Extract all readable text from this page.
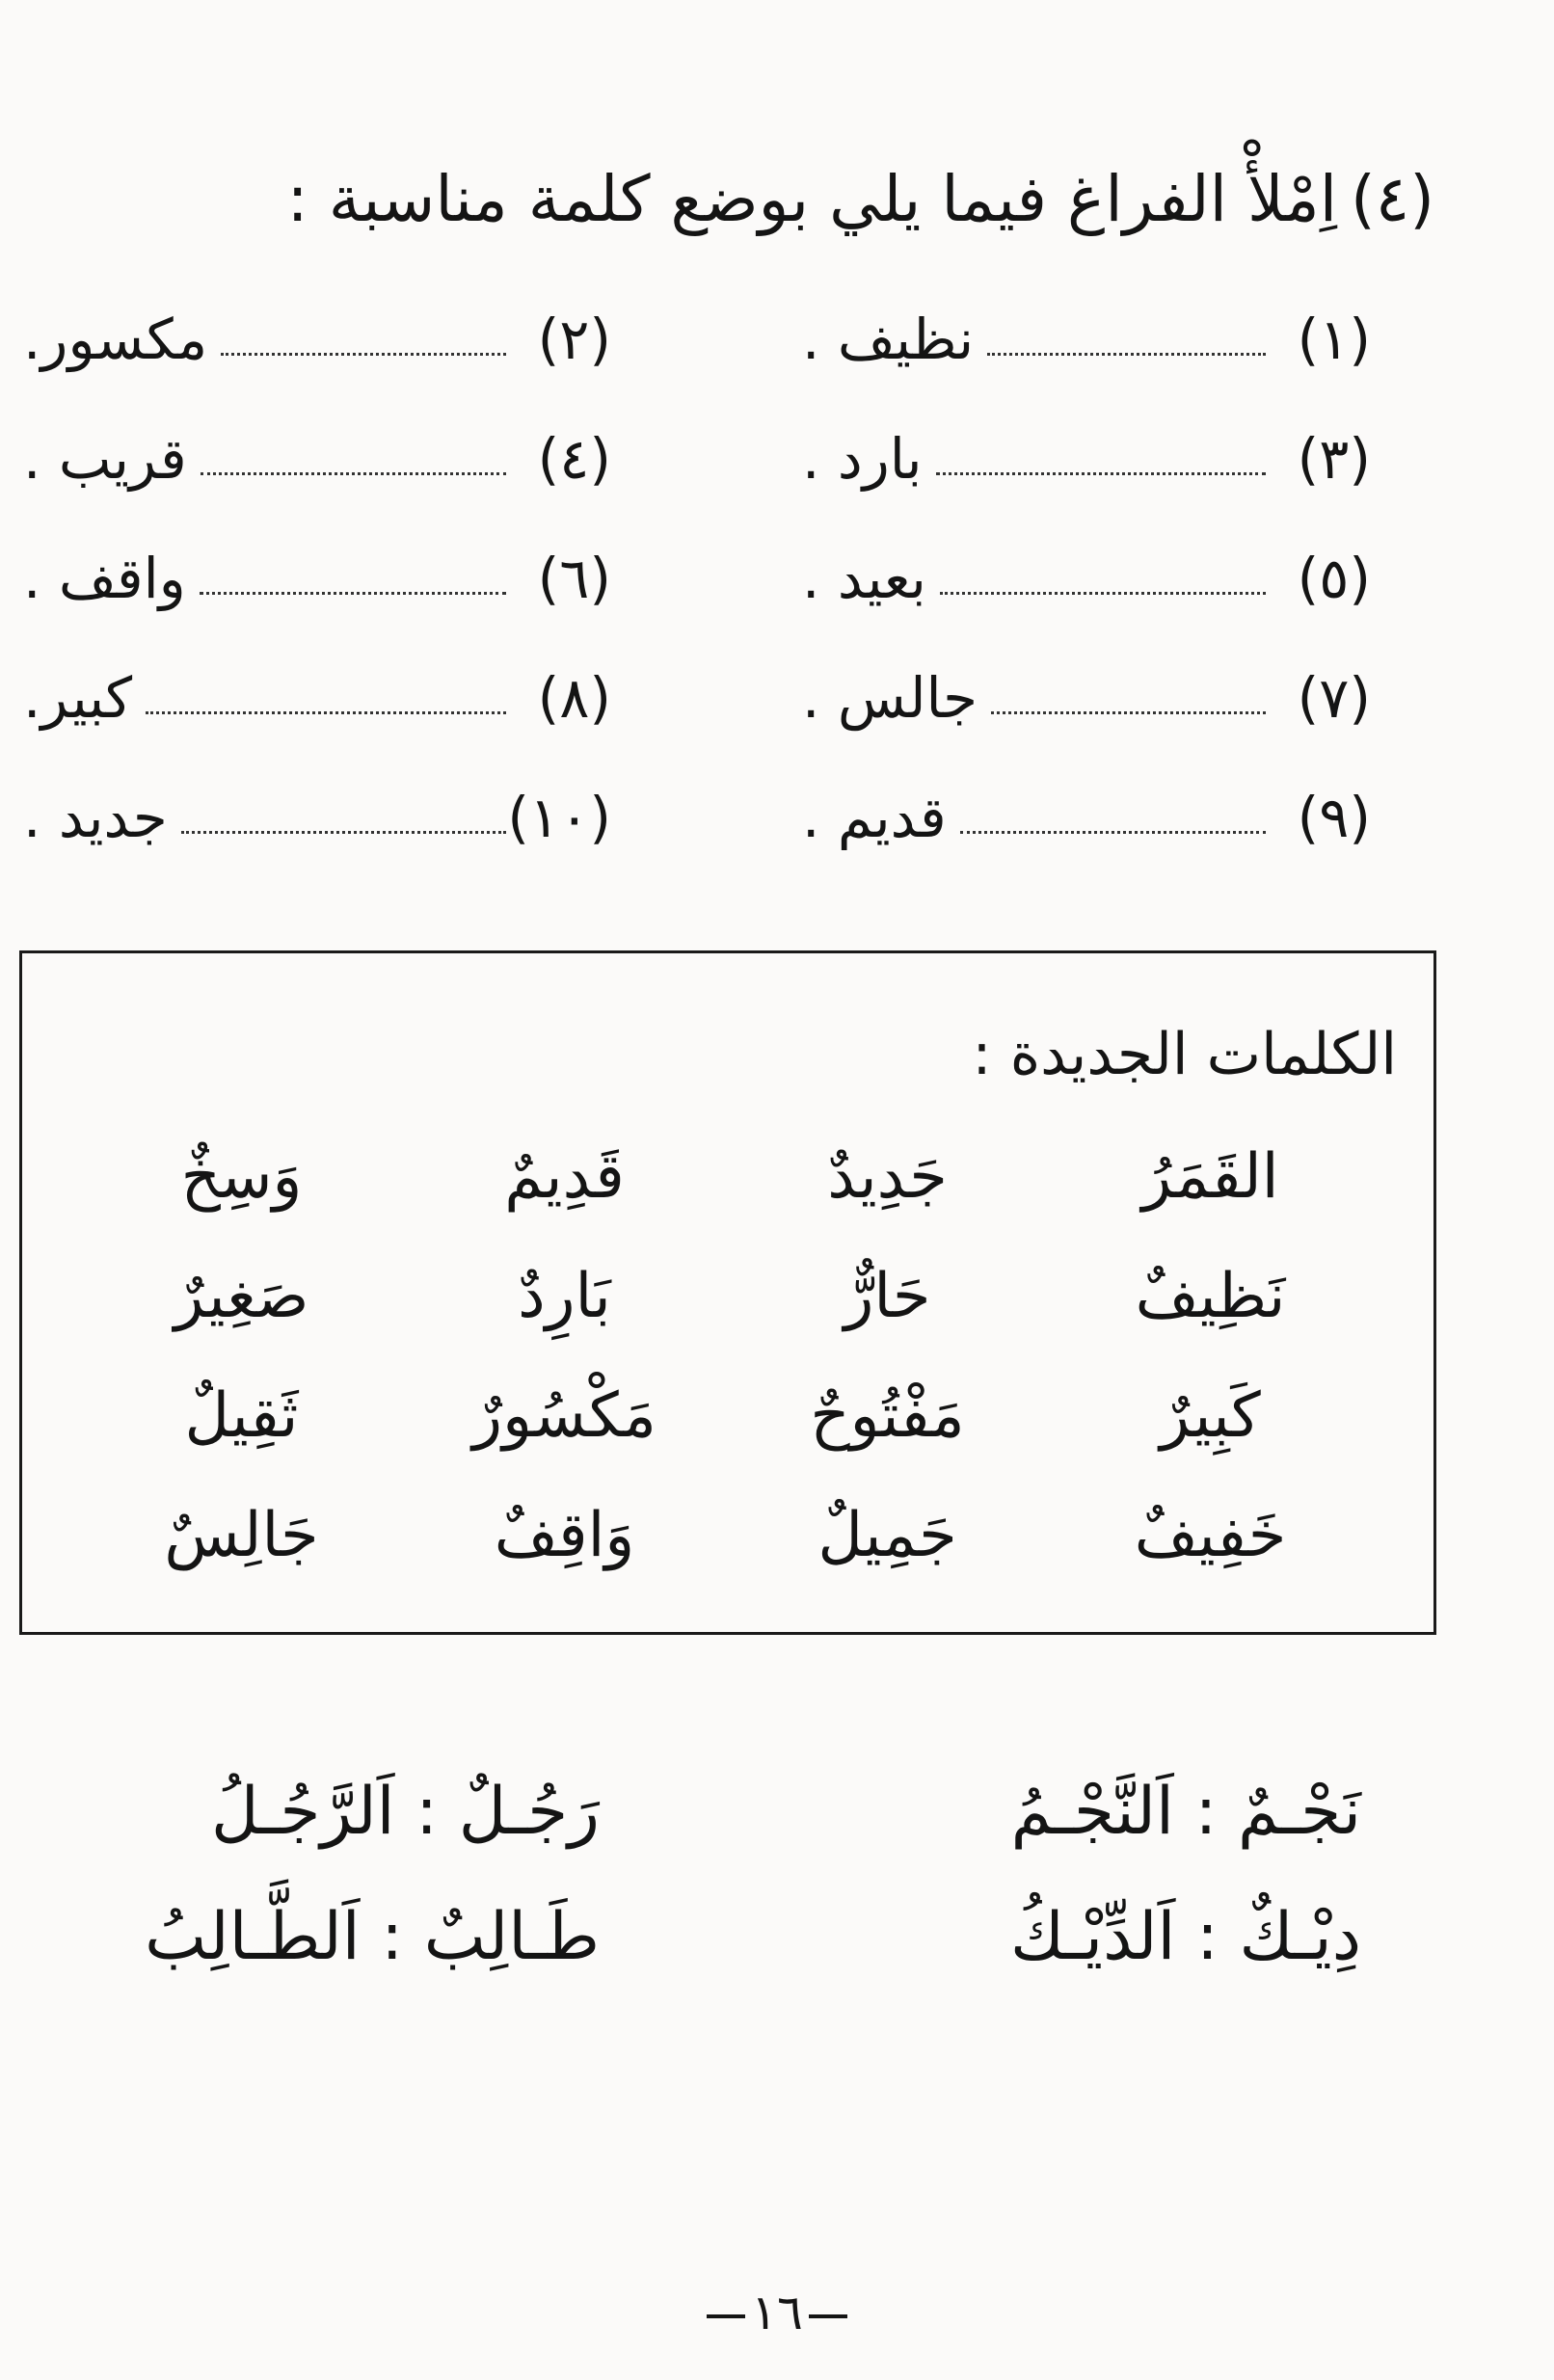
(٤)اِمْلأْ الفراغ فيما يلي بوضع كلمة مناسبة :
(١)
نظيف .
(٢)
مكسور.
(٣)
بارد .
(٤)
قريب .
(٥)
بعيد .
(٦)
واقف .
(٧)
جالس .
(٨)
كبير.
(٩)
قديم .
(١٠)
جديد .
الكلمات الجديدة :
القَمَرُ
جَدِيدٌ
قَدِيمٌ
وَسِخٌ
نَظِيفٌ
حَارٌّ
بَارِدٌ
صَغِيرٌ
كَبِيرٌ
مَفْتُوحٌ
مَكْسُورٌ
ثَقِيلٌ
خَفِيفٌ
جَمِيلٌ
وَاقِفٌ
جَالِسٌ
نَجْـمٌ : اَلنَّجْـمُ
رَجُـلٌ : اَلرَّجُـلُ
دِيْـكٌ : اَلدِّيْـكُ
طَـالِبٌ : اَلطَّـالِبُ
١٦
